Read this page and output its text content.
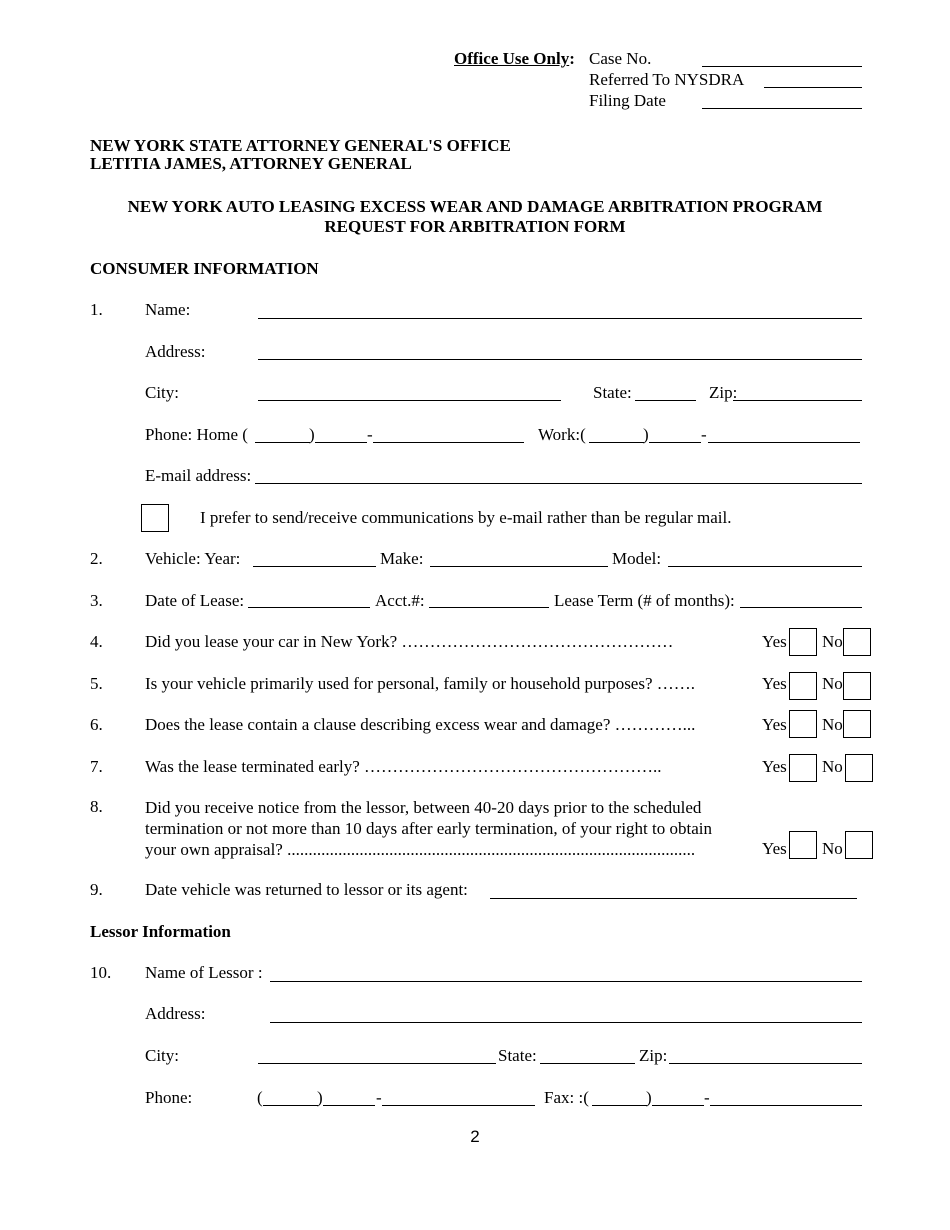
Office Use Only: Case No.
Referred To NYSDRA
Filing Date
NEW YORK STATE ATTORNEY GENERAL'S OFFICE
LETITIA JAMES, ATTORNEY GENERAL
NEW YORK AUTO LEASING EXCESS WEAR AND DAMAGE ARBITRATION PROGRAM
REQUEST FOR ARBITRATION FORM
CONSUMER INFORMATION
1. Name:
Address:
City:	State:	Zip:
Phone: Home (	)	-	Work:(	)	-
E-mail address:
I prefer to send/receive communications by e-mail rather than be regular mail.
2. Vehicle: Year:	Make:	Model:
3. Date of Lease:	Acct.#:	Lease Term (# of months):
4. Did you lease your car in New York? …………………………………………	Yes No
5. Is your vehicle primarily used for personal, family or household purposes? …….	Yes No
6. Does the lease contain a clause describing excess wear and damage? …………...	Yes No
7. Was the lease terminated early? ……………………………………………..	Yes No
8. Did you receive notice from the lessor, between 40-20 days prior to the scheduled
termination or not more than 10 days after early termination, of your right to obtain
your own appraisal? ................................................................................................	Yes No
9. Date vehicle was returned to lessor or its agent:
Lessor Information
10. Name of Lessor :
Address:
City:	State:	Zip:
Phone:	(	)	-	Fax: :(	)	-
2
